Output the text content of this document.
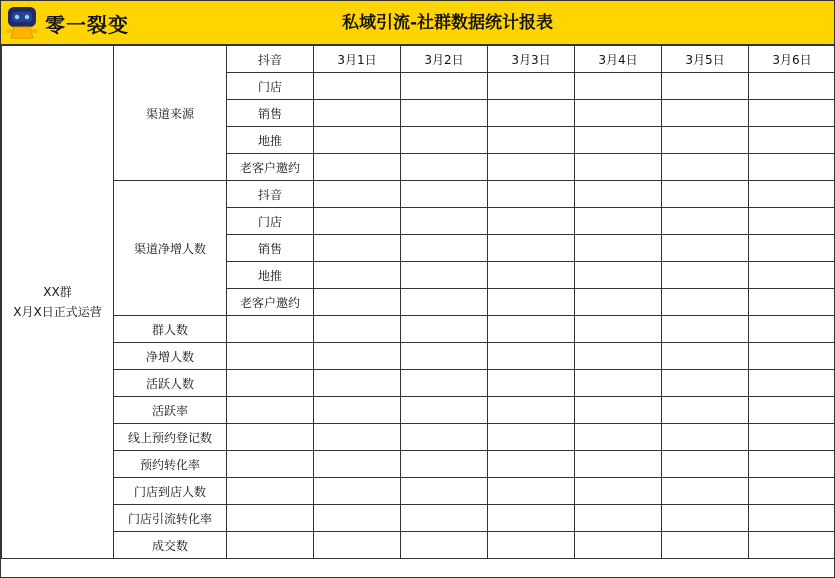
零一裂变	私域引流-社群数据统计报表
XX群
X月X日正式运营	渠道来源	抖音	3月1日	3月2日	3月3日	3月4日	3月5日	3月6日
		门店						
		销售						
		地推						
		老客户邀约						
	渠道净增人数	抖音						
		门店						
		销售						
		地推						
		老客户邀约						
	群人数							
	净增人数							
	活跃人数							
	活跃率							
	线上预约登记数							
	预约转化率							
	门店到店人数							
	门店引流转化率							
	成交数							
